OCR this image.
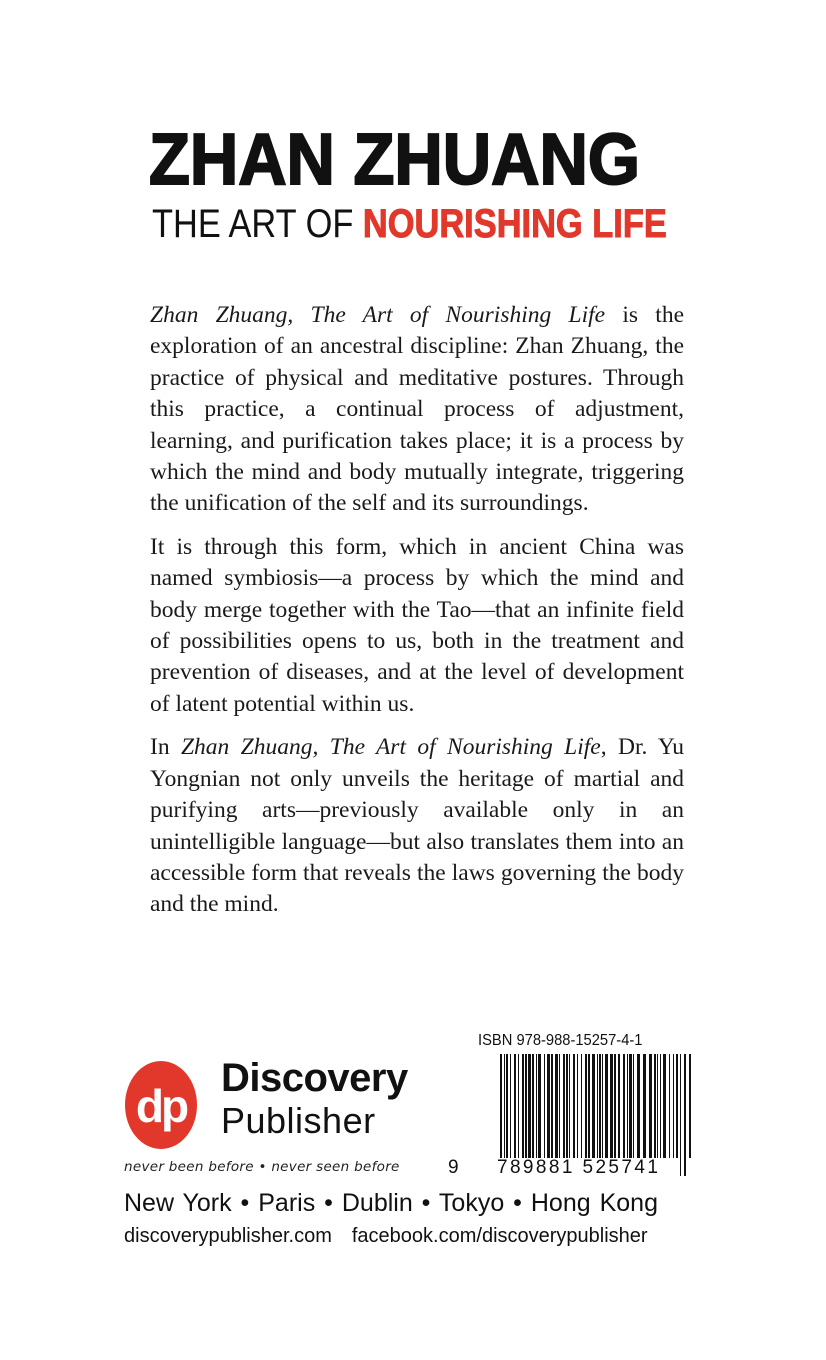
ZHAN ZHUANG
THE ART OF NOURISHING LIFE

Zhan Zhuang, The Art of Nourishing Life is the exploration of an ancestral discipline: Zhan Zhuang, the practice of physical and meditative postures. Through this practice, a continual process of adjustment, learning, and purification takes place; it is a process by which the mind and body mutually integrate, triggering the unification of the self and its surroundings.

It is through this form, which in ancient China was named symbiosis—a process by which the mind and body merge together with the Tao—that an infinite field of possibilities opens to us, both in the treatment and prevention of diseases, and at the level of development of latent potential within us.

In Zhan Zhuang, The Art of Nourishing Life, Dr. Yu Yongnian not only unveils the heritage of martial and purifying arts—previously available only in an unintelligible language—but also translates them into an accessible form that reveals the laws governing the body and the mind.

dp
Discovery
Publisher
never been before • never seen before
ISBN 978-988-15257-4-1
9 789881 525741
New York • Paris • Dublin • Tokyo • Hong Kong
discoverypublisher.com facebook.com/discoverypublisher
